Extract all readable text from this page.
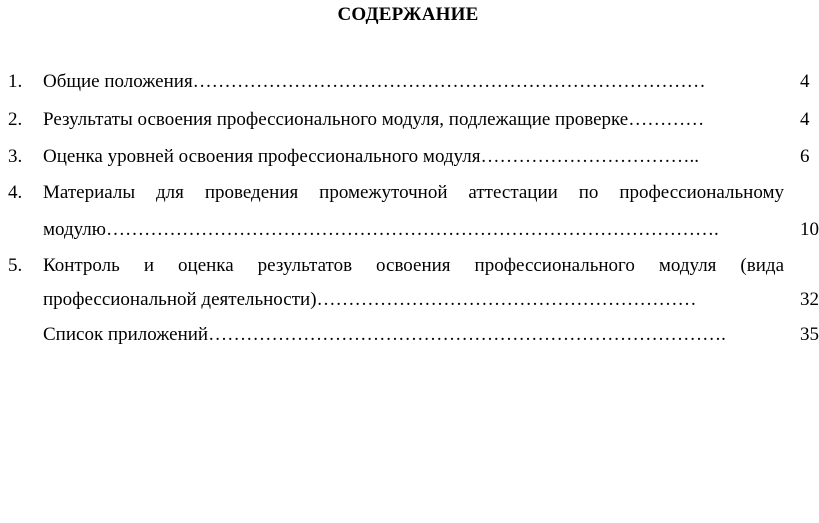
СОДЕРЖАНИЕ
1. Общие положения………………………………………………………………………	4
2. Результаты освоения профессионального модуля, подлежащие проверке…………	4
3. Оценка уровней освоения профессионального модуля……………………………..	6
4. Материалы для проведения промежуточной аттестации по профессиональному
модулю…………………………………………………………………………………….	10
5. Контроль и оценка результатов освоения профессионального модуля (вида
профессиональной деятельности)……………………………………………………	32
Список приложений……………………………………………………………………….	35
